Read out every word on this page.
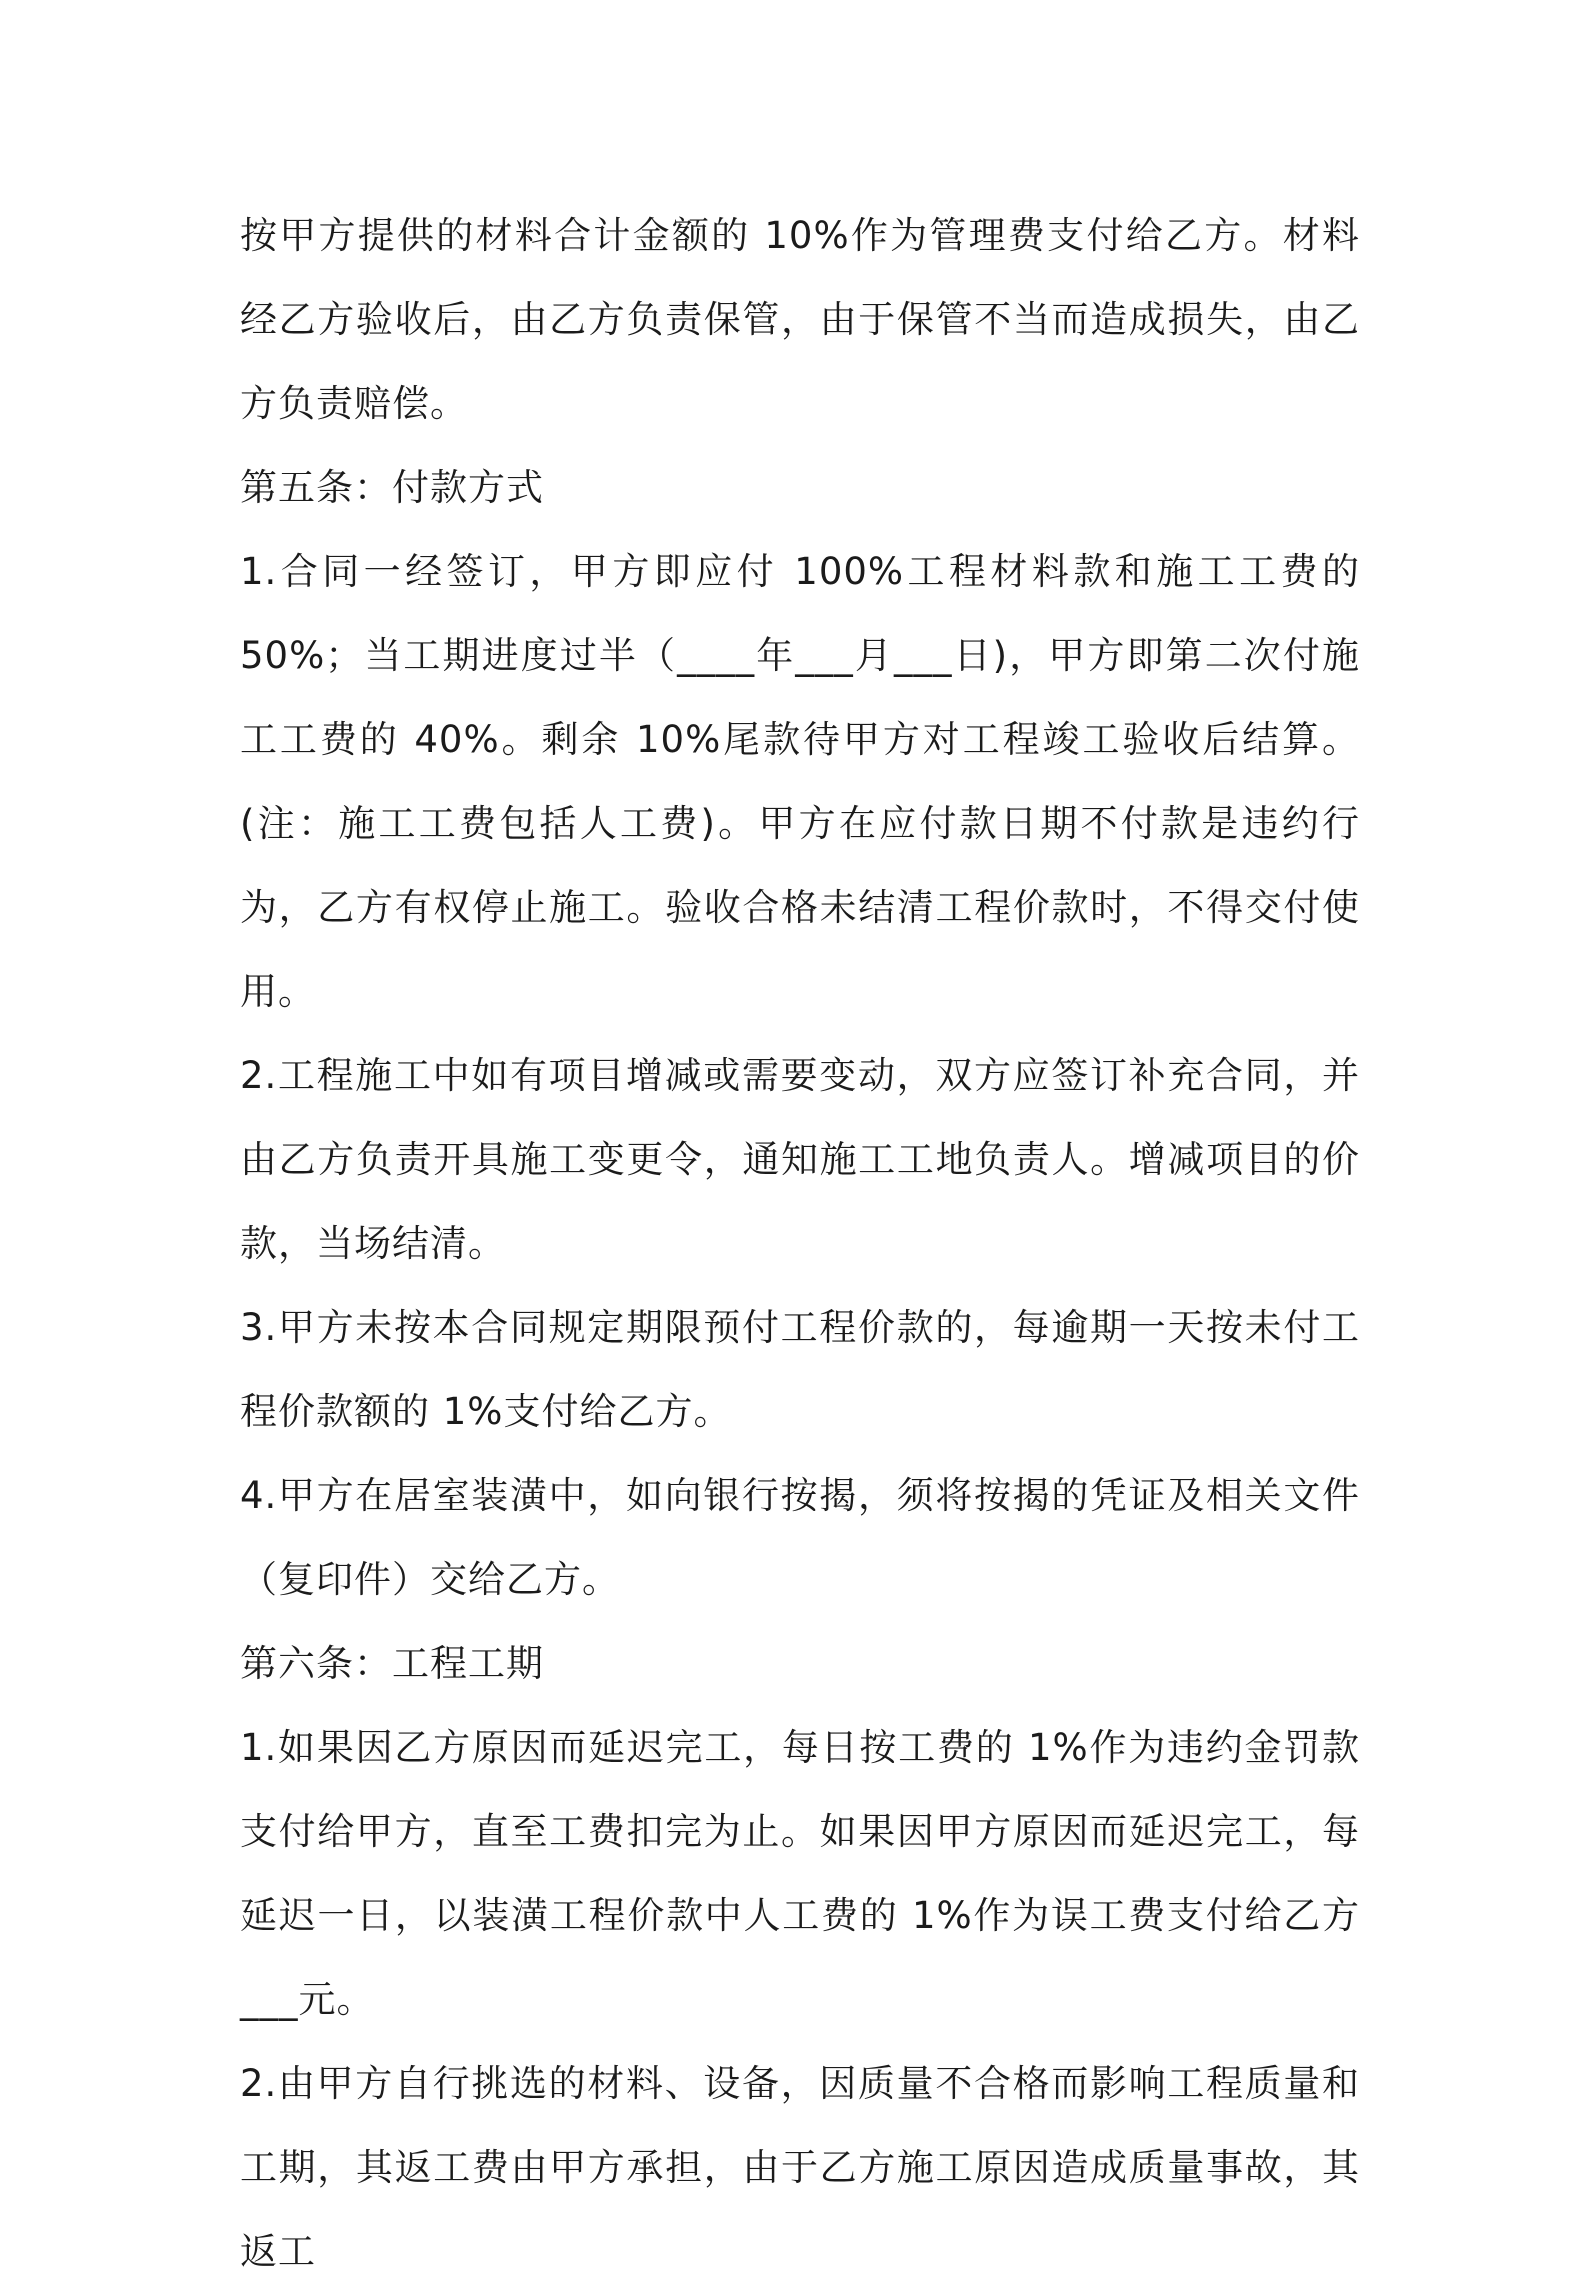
按甲方提供的材料合计金额的 10%作为管理费支付给乙方。材料经乙方验收后，由乙方负责保管，由于保管不当而造成损失，由乙方负责赔偿。

第五条：付款方式

1.合同一经签订，甲方即应付 100%工程材料款和施工工费的 50%；当工期进度过半（____年___月___日)，甲方即第二次付施工工费的 40%。剩余 10%尾款待甲方对工程竣工验收后结算。(注：施工工费包括人工费)。甲方在应付款日期不付款是违约行为，乙方有权停止施工。验收合格未结清工程价款时，不得交付使用。

2.工程施工中如有项目增减或需要变动，双方应签订补充合同，并由乙方负责开具施工变更令，通知施工工地负责人。增减项目的价款，当场结清。

3.甲方未按本合同规定期限预付工程价款的，每逾期一天按未付工程价款额的 1%支付给乙方。

4.甲方在居室装潢中，如向银行按揭，须将按揭的凭证及相关文件（复印件）交给乙方。

第六条：工程工期

1.如果因乙方原因而延迟完工，每日按工费的 1%作为违约金罚款支付给甲方，直至工费扣完为止。如果因甲方原因而延迟完工，每延迟一日，以装潢工程价款中人工费的 1%作为误工费支付给乙方___元。

2.由甲方自行挑选的材料、设备，因质量不合格而影响工程质量和工期，其返工费由甲方承担，由于乙方施工原因造成质量事故，其返工
